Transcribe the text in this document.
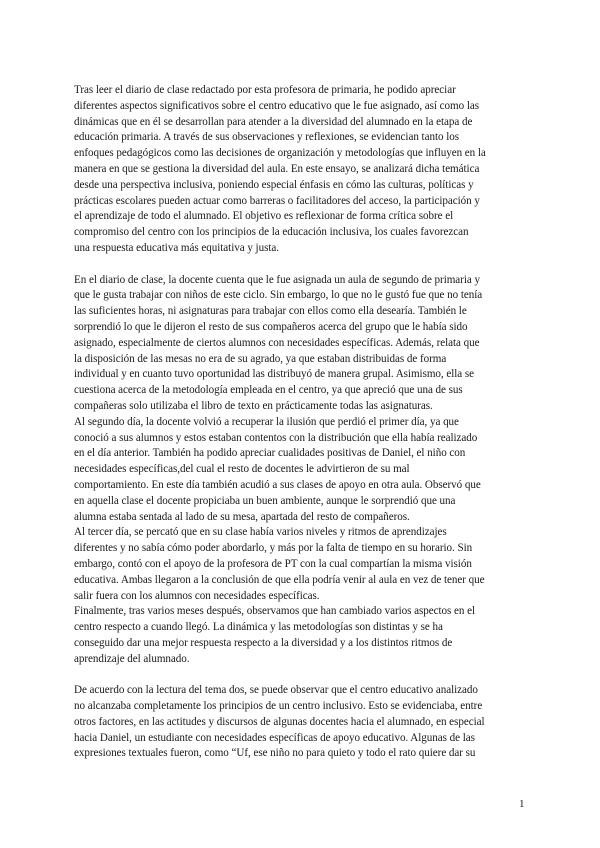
Tras leer el diario de clase redactado por esta profesora de primaria, he podido apreciar
diferentes aspectos significativos sobre el centro educativo que le fue asignado, así como las
dinámicas que en él se desarrollan para atender a la diversidad del alumnado en la etapa de
educación primaria. A través de sus observaciones y reflexiones, se evidencian tanto los
enfoques pedagógicos como las decisiones de organización y metodologías que influyen en la
manera en que se gestiona la diversidad del aula. En este ensayo, se analizará dicha temática
desde una perspectiva inclusiva, poniendo especial énfasis en cómo las culturas, políticas y
prácticas escolares pueden actuar como barreras o facilitadores del acceso, la participación y
el aprendizaje de todo el alumnado. El objetivo es reflexionar de forma crítica sobre el
compromiso del centro con los principios de la educación inclusiva, los cuales favorezcan
una respuesta educativa más equitativa y justa.

En el diario de clase, la docente cuenta que le fue asignada un aula de segundo de primaria y
que le gusta trabajar con niños de este ciclo. Sin embargo, lo que no le gustó fue que no tenía
las suficientes horas, ni asignaturas para trabajar con ellos como ella desearía. También le
sorprendió lo que le dijeron el resto de sus compañeros acerca del grupo que le había sido
asignado, especialmente de ciertos alumnos con necesidades específicas. Además, relata que
la disposición de las mesas no era de su agrado, ya que estaban distribuidas de forma
individual y en cuanto tuvo oportunidad las distribuyó de manera grupal. Asimismo, ella se
cuestiona acerca de la metodología empleada en el centro, ya que apreció que una de sus
compañeras solo utilizaba el libro de texto en prácticamente todas las asignaturas.
Al segundo día, la docente volvió a recuperar la ilusión que perdió el primer día, ya que
conoció a sus alumnos y estos estaban contentos con la distribución que ella había realizado
en el día anterior. También ha podido apreciar cualidades positivas de Daniel, el niño con
necesidades específicas,del cual el resto de docentes le advirtieron de su mal
comportamiento. En este día también acudió a sus clases de apoyo en otra aula. Observó que
en aquella clase el docente propiciaba un buen ambiente, aunque le sorprendió que una
alumna estaba sentada al lado de su mesa, apartada del resto de compañeros.
Al tercer día, se percató que en su clase había varios niveles y ritmos de aprendizajes
diferentes y no sabía cómo poder abordarlo, y más por la falta de tiempo en su horario. Sin
embargo, contó con el apoyo de la profesora de PT con la cual compartían la misma visión
educativa. Ambas llegaron a la conclusión de que ella podría venir al aula en vez de tener que
salir fuera con los alumnos con necesidades específicas.
Finalmente, tras varios meses después, observamos que han cambiado varios aspectos en el
centro respecto a cuando llegó. La dinámica y las metodologías son distintas y se ha
conseguido dar una mejor respuesta respecto a la diversidad y a los distintos ritmos de
aprendizaje del alumnado.

De acuerdo con la lectura del tema dos, se puede observar que el centro educativo analizado
no alcanzaba completamente los principios de un centro inclusivo. Esto se evidenciaba, entre
otros factores, en las actitudes y discursos de algunas docentes hacia el alumnado, en especial
hacia Daniel, un estudiante con necesidades específicas de apoyo educativo. Algunas de las
expresiones textuales fueron, como “Uf, ese niño no para quieto y todo el rato quiere dar su

1
